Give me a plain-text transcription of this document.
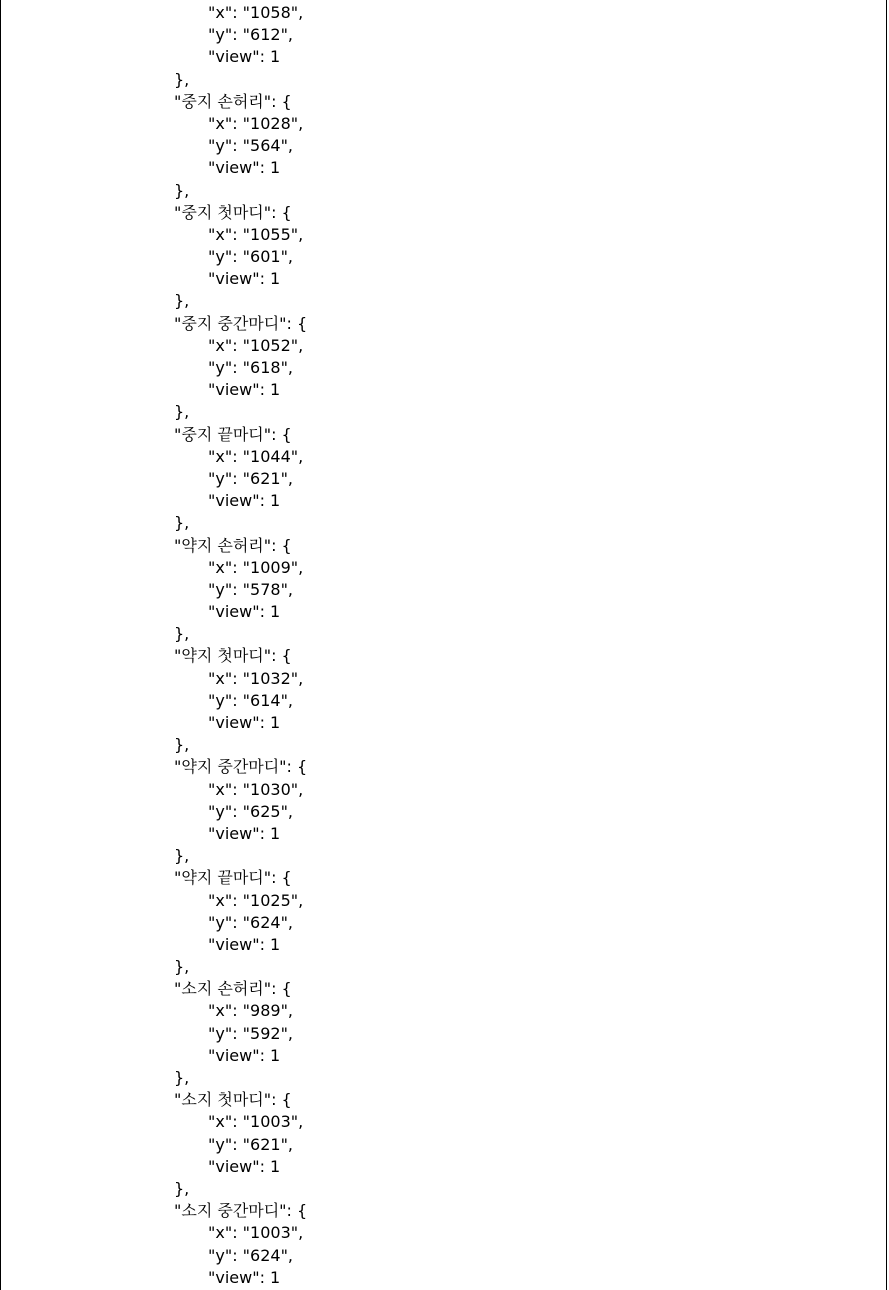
"x": "1058",
"y": "612",
"view": 1
},
"중지 손허리": {
"x": "1028",
"y": "564",
"view": 1
},
"중지 첫마디": {
"x": "1055",
"y": "601",
"view": 1
},
"중지 중간마디": {
"x": "1052",
"y": "618",
"view": 1
},
"중지 끝마디": {
"x": "1044",
"y": "621",
"view": 1
},
"약지 손허리": {
"x": "1009",
"y": "578",
"view": 1
},
"약지 첫마디": {
"x": "1032",
"y": "614",
"view": 1
},
"약지 중간마디": {
"x": "1030",
"y": "625",
"view": 1
},
"약지 끝마디": {
"x": "1025",
"y": "624",
"view": 1
},
"소지 손허리": {
"x": "989",
"y": "592",
"view": 1
},
"소지 첫마디": {
"x": "1003",
"y": "621",
"view": 1
},
"소지 중간마디": {
"x": "1003",
"y": "624",
"view": 1
